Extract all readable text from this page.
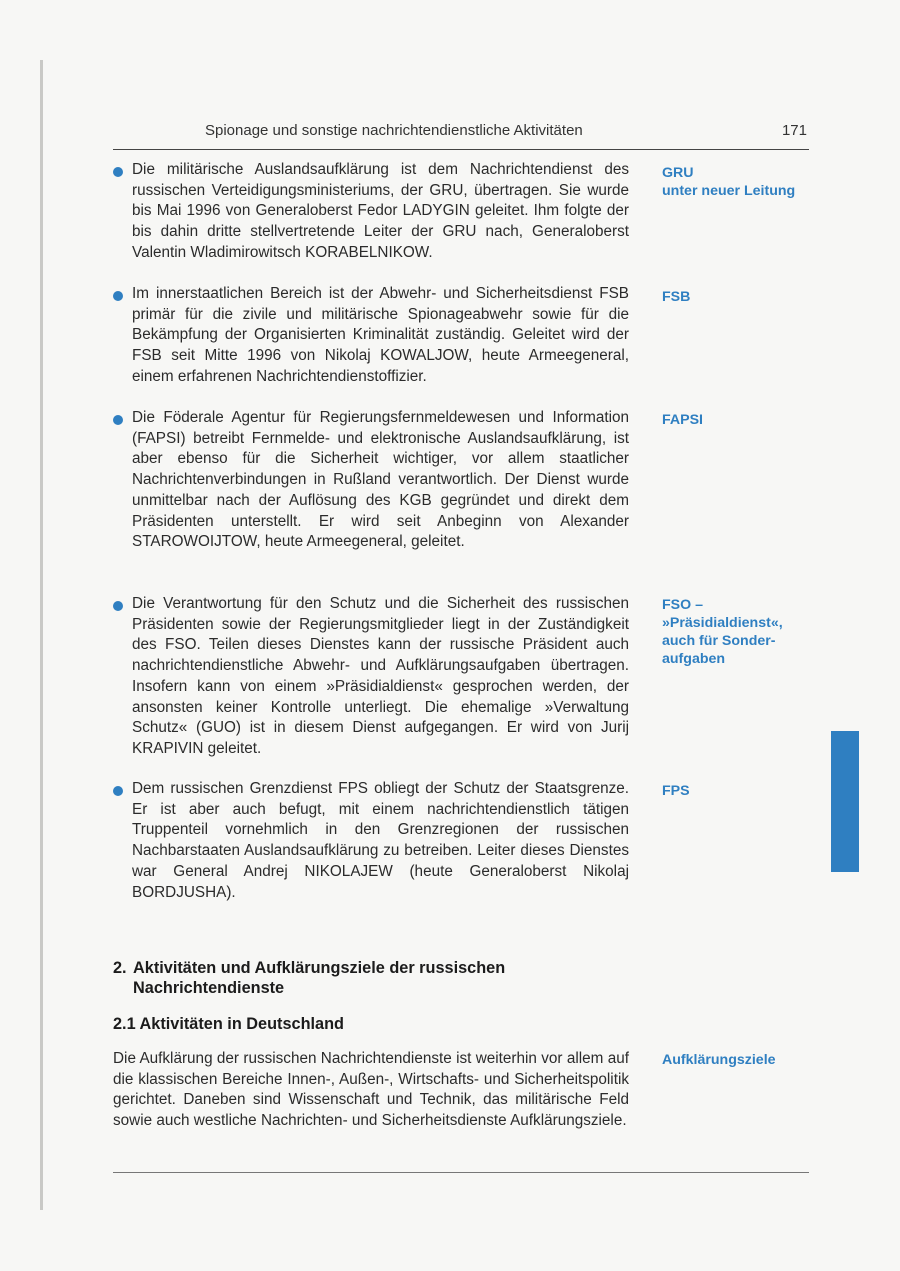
Spionage und sonstige nachrichtendienstliche Aktivitäten	171
Die militärische Auslandsaufklärung ist dem Nachrichtendienst des russischen Verteidigungsministeriums, der GRU, übertragen. Sie wurde bis Mai 1996 von Generaloberst Fedor LADYGIN geleitet. Ihm folgte der bis dahin dritte stellvertretende Leiter der GRU nach, Generaloberst Valentin Wladimirowitsch KORABELNIKOW.
GRU
unter neuer Leitung
Im innerstaatlichen Bereich ist der Abwehr- und Sicherheitsdienst FSB primär für die zivile und militärische Spionageabwehr sowie für die Bekämpfung der Organisierten Kriminalität zuständig. Geleitet wird der FSB seit Mitte 1996 von Nikolaj KOWALJOW, heute Armeegeneral, einem erfahrenen Nachrichtendienstoffizier.
FSB
Die Föderale Agentur für Regierungsfernmeldewesen und Information (FAPSI) betreibt Fernmelde- und elektronische Auslandsaufklärung, ist aber ebenso für die Sicherheit wichtiger, vor allem staatlicher Nachrichtenverbindungen in Rußland verantwortlich. Der Dienst wurde unmittelbar nach der Auflösung des KGB gegründet und direkt dem Präsidenten unterstellt. Er wird seit Anbeginn von Alexander STAROWOIJTOW, heute Armeegeneral, geleitet.
FAPSI
Die Verantwortung für den Schutz und die Sicherheit des russischen Präsidenten sowie der Regierungsmitglieder liegt in der Zuständigkeit des FSO. Teilen dieses Dienstes kann der russische Präsident auch nachrichtendienstliche Abwehr- und Aufklärungsaufgaben übertragen. Insofern kann von einem »Präsidialdienst« gesprochen werden, der ansonsten keiner Kontrolle unterliegt. Die ehemalige »Verwaltung Schutz« (GUO) ist in diesem Dienst aufgegangen. Er wird von Jurij KRAPIVIN geleitet.
FSO –
»Präsidialdienst«,
auch für Sonder-
aufgaben
Dem russischen Grenzdienst FPS obliegt der Schutz der Staatsgrenze. Er ist aber auch befugt, mit einem nachrichtendienstlich tätigen Truppenteil vornehmlich in den Grenzregionen der russischen Nachbarstaaten Auslandsaufklärung zu betreiben. Leiter dieses Dienstes war General Andrej NIKOLAJEW (heute Generaloberst Nikolaj BORDJUSHA).
FPS
2. Aktivitäten und Aufklärungsziele der russischen Nachrichtendienste
2.1 Aktivitäten in Deutschland
Die Aufklärung der russischen Nachrichtendienste ist weiterhin vor allem auf die klassischen Bereiche Innen-, Außen-, Wirtschafts- und Sicherheitspolitik gerichtet. Daneben sind Wissenschaft und Technik, das militärische Feld sowie auch westliche Nachrichten- und Sicherheitsdienste Aufklärungsziele.
Aufklärungsziele
